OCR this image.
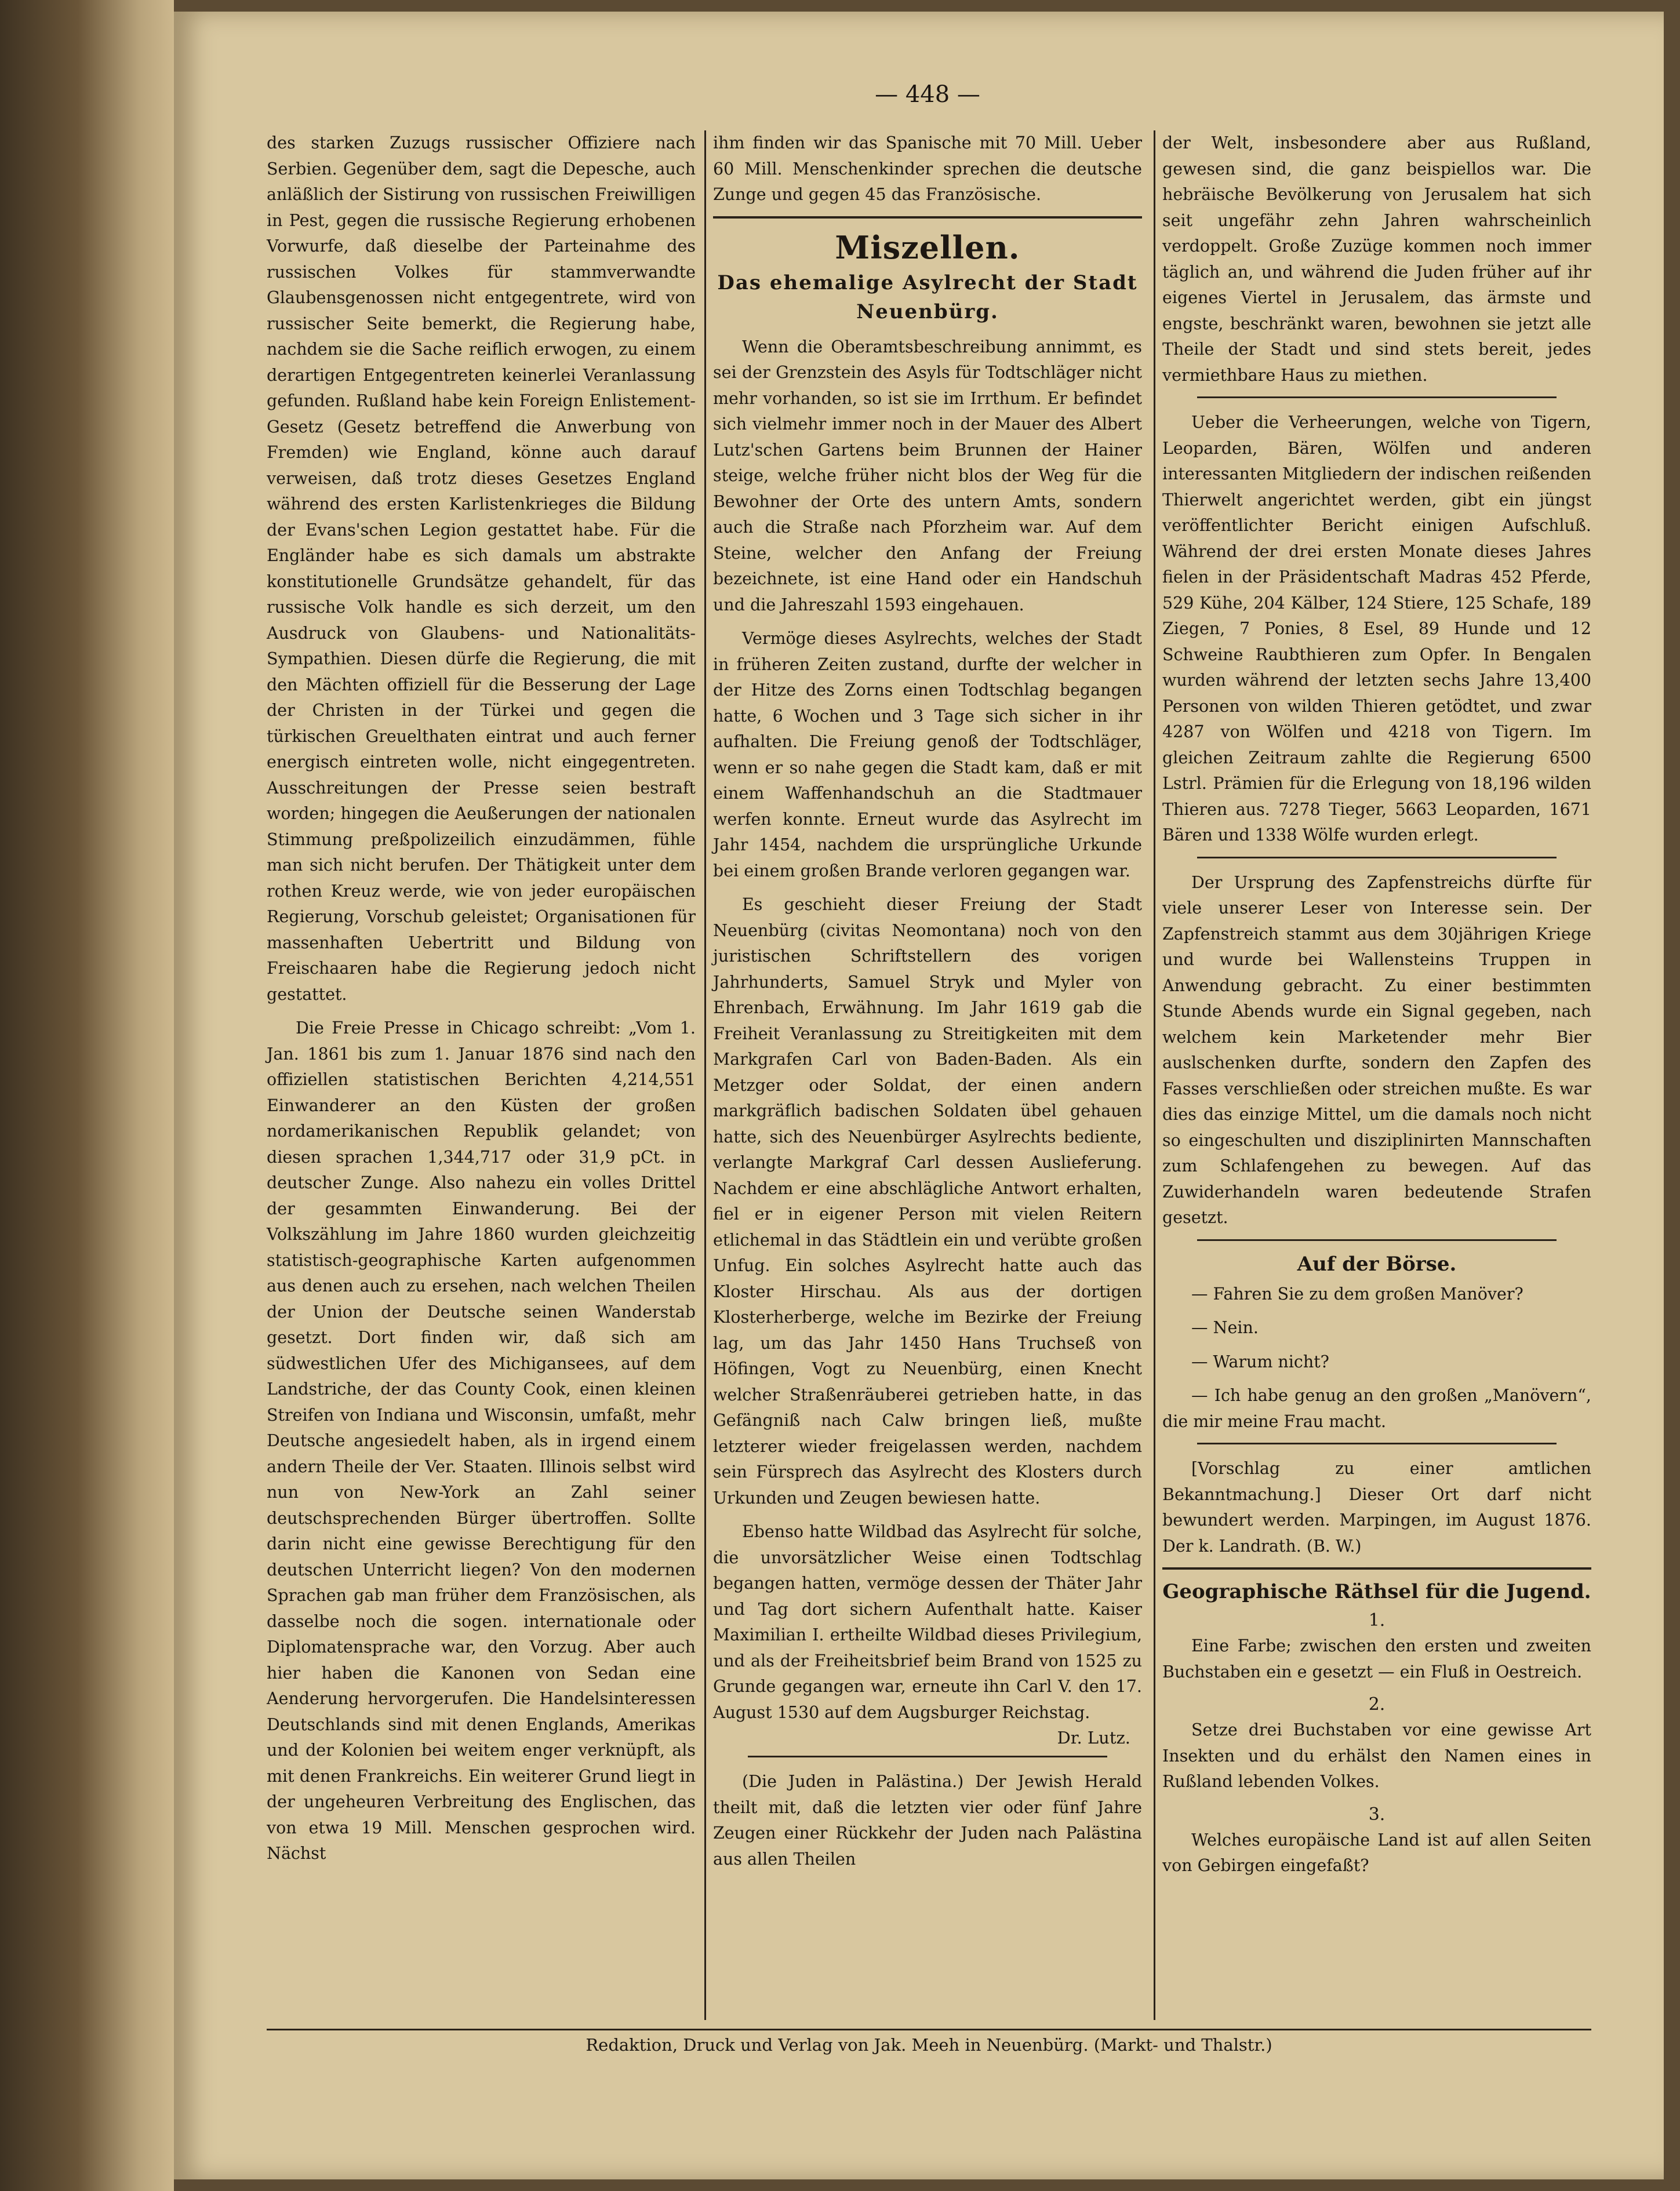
— 448 —

des starken Zuzugs russischer Offiziere nach Serbien. Gegenüber dem, sagt die Depesche, auch anläßlich der Sistirung von russischen Freiwilligen in Pest, gegen die russische Regierung erhobenen Vorwurfe, daß dieselbe der Parteinahme des russischen Volkes für stammverwandte Glaubensgenossen nicht entgegentrete, wird von russischer Seite bemerkt, die Regierung habe, nachdem sie die Sache reiflich erwogen, zu einem derartigen Entgegentreten keinerlei Veranlassung gefunden. Rußland habe kein Foreign Enlistement-Gesetz (Gesetz betreffend die Anwerbung von Fremden) wie England, könne auch darauf verweisen, daß trotz dieses Gesetzes England während des ersten Karlistenkrieges die Bildung der Evans'schen Legion gestattet habe. Für die Engländer habe es sich damals um abstrakte konstitutionelle Grundsätze gehandelt, für das russische Volk handle es sich derzeit, um den Ausdruck von Glaubens- und Nationalitäts-Sympathien. Diesen dürfe die Regierung, die mit den Mächten offiziell für die Besserung der Lage der Christen in der Türkei und gegen die türkischen Greuelthaten eintrat und auch ferner energisch eintreten wolle, nicht eingegentreten. Ausschreitungen der Presse seien bestraft worden; hingegen die Aeußerungen der nationalen Stimmung preßpolizeilich einzudämmen, fühle man sich nicht berufen. Der Thätigkeit unter dem rothen Kreuz werde, wie von jeder europäischen Regierung, Vorschub geleistet; Organisationen für massenhaften Uebertritt und Bildung von Freischaaren habe die Regierung jedoch nicht gestattet.

Die Freie Presse in Chicago schreibt: „Vom 1. Jan. 1861 bis zum 1. Januar 1876 sind nach den offiziellen statistischen Berichten 4,214,551 Einwanderer an den Küsten der großen nordamerikanischen Republik gelandet; von diesen sprachen 1,344,717 oder 31,9 pCt. in deutscher Zunge. Also nahezu ein volles Drittel der gesammten Einwanderung. Bei der Volkszählung im Jahre 1860 wurden gleichzeitig statistisch-geographische Karten aufgenommen aus denen auch zu ersehen, nach welchen Theilen der Union der Deutsche seinen Wanderstab gesetzt. Dort finden wir, daß sich am südwestlichen Ufer des Michigansees, auf dem Landstriche, der das County Cook, einen kleinen Streifen von Indiana und Wisconsin, umfaßt, mehr Deutsche angesiedelt haben, als in irgend einem andern Theile der Ver. Staaten. Illinois selbst wird nun von New-York an Zahl seiner deutschsprechenden Bürger übertroffen. Sollte darin nicht eine gewisse Berechtigung für den deutschen Unterricht liegen? Von den modernen Sprachen gab man früher dem Französischen, als dasselbe noch die sogen. internationale oder Diplomatensprache war, den Vorzug. Aber auch hier haben die Kanonen von Sedan eine Aenderung hervorgerufen. Die Handelsinteressen Deutschlands sind mit denen Englands, Amerikas und der Kolonien bei weitem enger verknüpft, als mit denen Frankreichs. Ein weiterer Grund liegt in der ungeheuren Verbreitung des Englischen, das von etwa 19 Mill. Menschen gesprochen wird. Nächst

ihm finden wir das Spanische mit 70 Mill. Ueber 60 Mill. Menschenkinder sprechen die deutsche Zunge und gegen 45 das Französische.

Miszellen.
Das ehemalige Asylrecht der Stadt Neuenbürg.

Wenn die Oberamtsbeschreibung annimmt, es sei der Grenzstein des Asyls für Todtschläger nicht mehr vorhanden, so ist sie im Irrthum. Er befindet sich vielmehr immer noch in der Mauer des Albert Lutz'schen Gartens beim Brunnen der Hainer steige, welche früher nicht blos der Weg für die Bewohner der Orte des untern Amts, sondern auch die Straße nach Pforzheim war. Auf dem Steine, welcher den Anfang der Freiung bezeichnete, ist eine Hand oder ein Handschuh und die Jahreszahl 1593 eingehauen.

Vermöge dieses Asylrechts, welches der Stadt in früheren Zeiten zustand, durfte der welcher in der Hitze des Zorns einen Todtschlag begangen hatte, 6 Wochen und 3 Tage sich sicher in ihr aufhalten. Die Freiung genoß der Todtschläger, wenn er so nahe gegen die Stadt kam, daß er mit einem Waffenhandschuh an die Stadtmauer werfen konnte. Erneut wurde das Asylrecht im Jahr 1454, nachdem die ursprüngliche Urkunde bei einem großen Brande verloren gegangen war.

Es geschieht dieser Freiung der Stadt Neuenbürg (civitas Neomontana) noch von den juristischen Schriftstellern des vorigen Jahrhunderts, Samuel Stryk und Myler von Ehrenbach, Erwähnung. Im Jahr 1619 gab die Freiheit Veranlassung zu Streitigkeiten mit dem Markgrafen Carl von Baden-Baden. Als ein Metzger oder Soldat, der einen andern markgräflich badischen Soldaten übel gehauen hatte, sich des Neuenbürger Asylrechts bediente, verlangte Markgraf Carl dessen Auslieferung. Nachdem er eine abschlägliche Antwort erhalten, fiel er in eigener Person mit vielen Reitern etlichemal in das Städtlein ein und verübte großen Unfug. Ein solches Asylrecht hatte auch das Kloster Hirschau. Als aus der dortigen Klosterherberge, welche im Bezirke der Freiung lag, um das Jahr 1450 Hans Truchseß von Höfingen, Vogt zu Neuenbürg, einen Knecht welcher Straßenräuberei getrieben hatte, in das Gefängniß nach Calw bringen ließ, mußte letzterer wieder freigelassen werden, nachdem sein Fürsprech das Asylrecht des Klosters durch Urkunden und Zeugen bewiesen hatte.

Ebenso hatte Wildbad das Asylrecht für solche, die unvorsätzlicher Weise einen Todtschlag begangen hatten, vermöge dessen der Thäter Jahr und Tag dort sichern Aufenthalt hatte. Kaiser Maximilian I. ertheilte Wildbad dieses Privilegium, und als der Freiheitsbrief beim Brand von 1525 zu Grunde gegangen war, erneute ihn Carl V. den 17. August 1530 auf dem Augsburger Reichstag.

Dr. Lutz.

(Die Juden in Palästina.) Der Jewish Herald theilt mit, daß die letzten vier oder fünf Jahre Zeugen einer Rückkehr der Juden nach Palästina aus allen Theilen

der Welt, insbesondere aber aus Rußland, gewesen sind, die ganz beispiellos war. Die hebräische Bevölkerung von Jerusalem hat sich seit ungefähr zehn Jahren wahrscheinlich verdoppelt. Große Zuzüge kommen noch immer täglich an, und während die Juden früher auf ihr eigenes Viertel in Jerusalem, das ärmste und engste, beschränkt waren, bewohnen sie jetzt alle Theile der Stadt und sind stets bereit, jedes vermiethbare Haus zu miethen.

Ueber die Verheerungen, welche von Tigern, Leoparden, Bären, Wölfen und anderen interessanten Mitgliedern der indischen reißenden Thierwelt angerichtet werden, gibt ein jüngst veröffentlichter Bericht einigen Aufschluß. Während der drei ersten Monate dieses Jahres fielen in der Präsidentschaft Madras 452 Pferde, 529 Kühe, 204 Kälber, 124 Stiere, 125 Schafe, 189 Ziegen, 7 Ponies, 8 Esel, 89 Hunde und 12 Schweine Raubthieren zum Opfer. In Bengalen wurden während der letzten sechs Jahre 13,400 Personen von wilden Thieren getödtet, und zwar 4287 von Wölfen und 4218 von Tigern. Im gleichen Zeitraum zahlte die Regierung 6500 Lstrl. Prämien für die Erlegung von 18,196 wilden Thieren aus. 7278 Tieger, 5663 Leoparden, 1671 Bären und 1338 Wölfe wurden erlegt.

Der Ursprung des Zapfenstreichs dürfte für viele unserer Leser von Interesse sein. Der Zapfenstreich stammt aus dem 30jährigen Kriege und wurde bei Wallensteins Truppen in Anwendung gebracht. Zu einer bestimmten Stunde Abends wurde ein Signal gegeben, nach welchem kein Marketender mehr Bier auslschenken durfte, sondern den Zapfen des Fasses verschließen oder streichen mußte. Es war dies das einzige Mittel, um die damals noch nicht so eingeschulten und disziplinirten Mannschaften zum Schlafengehen zu bewegen. Auf das Zuwiderhandeln waren bedeutende Strafen gesetzt.

Auf der Börse.

— Fahren Sie zu dem großen Manöver?

— Nein.

— Warum nicht?

— Ich habe genug an den großen „Manövern“, die mir meine Frau macht.

[Vorschlag zu einer amtlichen Bekanntmachung.] Dieser Ort darf nicht bewundert werden. Marpingen, im August 1876. Der k. Landrath. (B. W.)

Geographische Räthsel für die Jugend.
1.

Eine Farbe; zwischen den ersten und zweiten Buchstaben ein e gesetzt — ein Fluß in Oestreich.

2.

Setze drei Buchstaben vor eine gewisse Art Insekten und du erhälst den Namen eines in Rußland lebenden Volkes.

3.

Welches europäische Land ist auf allen Seiten von Gebirgen eingefaßt?

Redaktion, Druck und Verlag von Jak. Meeh in Neuenbürg. (Markt- und Thalstr.)
